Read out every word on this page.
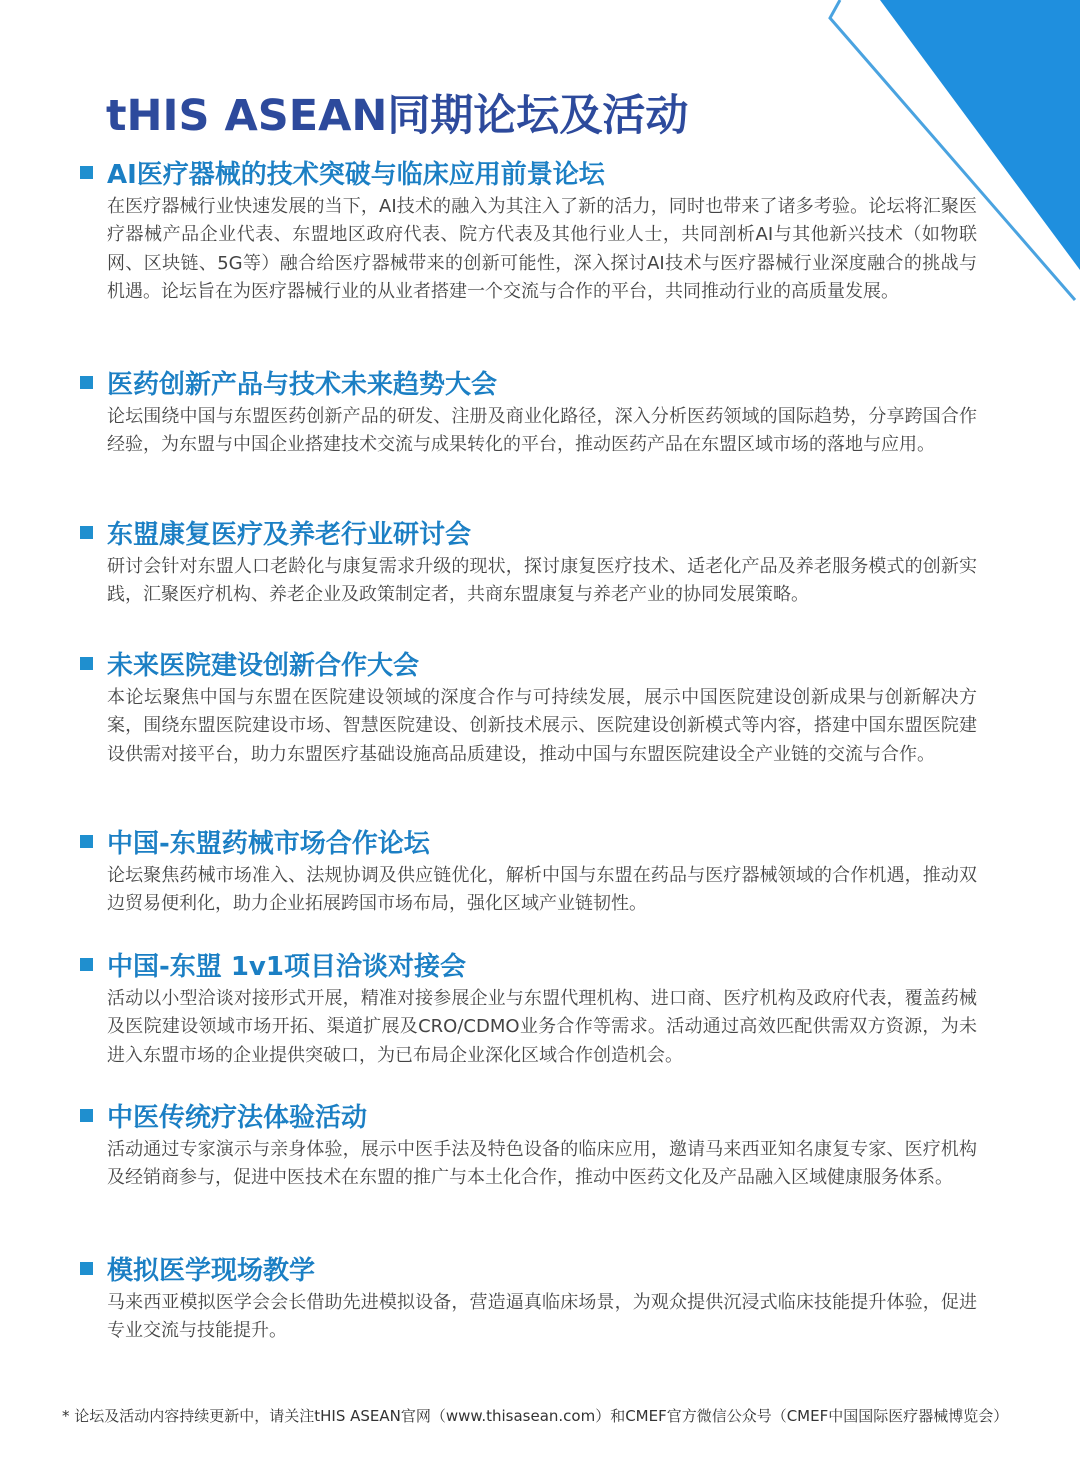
tHIS ASEAN同期论坛及活动
AI医疗器械的技术突破与临床应用前景论坛
在医疗器械行业快速发展的当下，AI技术的融入为其注入了新的活力，同时也带来了诸多考验。论坛将汇聚医疗器械产品企业代表、东盟地区政府代表、院方代表及其他行业人士，共同剖析AI与其他新兴技术（如物联网、区块链、5G等）融合给医疗器械带来的创新可能性，深入探讨AI技术与医疗器械行业深度融合的挑战与机遇。论坛旨在为医疗器械行业的从业者搭建一个交流与合作的平台，共同推动行业的高质量发展。
医药创新产品与技术未来趋势大会
论坛围绕中国与东盟医药创新产品的研发、注册及商业化路径，深入分析医药领域的国际趋势，分享跨国合作经验，为东盟与中国企业搭建技术交流与成果转化的平台，推动医药产品在东盟区域市场的落地与应用。
东盟康复医疗及养老行业研讨会
研讨会针对东盟人口老龄化与康复需求升级的现状，探讨康复医疗技术、适老化产品及养老服务模式的创新实践，汇聚医疗机构、养老企业及政策制定者，共商东盟康复与养老产业的协同发展策略。
未来医院建设创新合作大会
本论坛聚焦中国与东盟在医院建设领域的深度合作与可持续发展，展示中国医院建设创新成果与创新解决方案，围绕东盟医院建设市场、智慧医院建设、创新技术展示、医院建设创新模式等内容，搭建中国东盟医院建设供需对接平台，助力东盟医疗基础设施高品质建设，推动中国与东盟医院建设全产业链的交流与合作。
中国-东盟药械市场合作论坛
论坛聚焦药械市场准入、法规协调及供应链优化，解析中国与东盟在药品与医疗器械领域的合作机遇，推动双边贸易便利化，助力企业拓展跨国市场布局，强化区域产业链韧性。
中国-东盟 1v1项目洽谈对接会
活动以小型洽谈对接形式开展，精准对接参展企业与东盟代理机构、进口商、医疗机构及政府代表，覆盖药械及医院建设领域市场开拓、渠道扩展及CRO/CDMO业务合作等需求。活动通过高效匹配供需双方资源，为未进入东盟市场的企业提供突破口，为已布局企业深化区域合作创造机会。
中医传统疗法体验活动
活动通过专家演示与亲身体验，展示中医手法及特色设备的临床应用，邀请马来西亚知名康复专家、医疗机构及经销商参与，促进中医技术在东盟的推广与本土化合作，推动中医药文化及产品融入区域健康服务体系。
模拟医学现场教学
马来西亚模拟医学会会长借助先进模拟设备，营造逼真临床场景，为观众提供沉浸式临床技能提升体验，促进专业交流与技能提升。
* 论坛及活动内容持续更新中，请关注tHIS ASEAN官网（www.thisasean.com）和CMEF官方微信公众号（CMEF中国国际医疗器械博览会）
